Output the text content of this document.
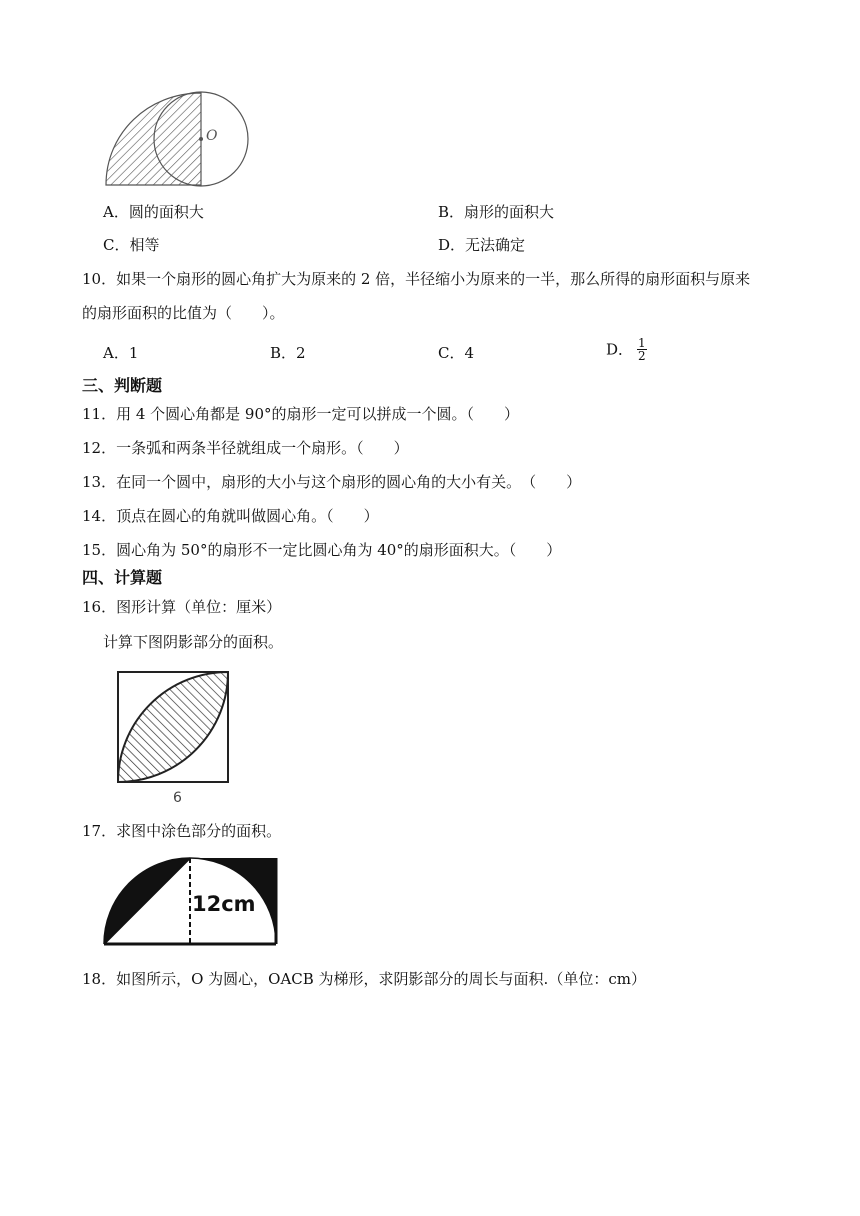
O
A．圆的面积大	B．扇形的面积大
C．相等	D．无法确定
10．如果一个扇形的圆心角扩大为原来的 2 倍，半径缩小为原来的一半，那么所得的扇形面积与原来
的扇形面积的比值为（　　）。
A．1	B．2	C．4	D． $\frac{1}{2}$
三、判断题
11．用 4 个圆心角都是 90°的扇形一定可以拼成一个圆。（　　）
12．一条弧和两条半径就组成一个扇形。（　　）
13．在同一个圆中，扇形的大小与这个扇形的圆心角的大小有关。　（　　）
14．顶点在圆心的角就叫做圆心角。（　　）
15．圆心角为 50°的扇形不一定比圆心角为 40°的扇形面积大。（　　）
四、计算题
16．图形计算（单位：厘米）
计算下图阴影部分的面积。
6
17．求图中涂色部分的面积。
12cm
18．如图所示，O 为圆心，OACB 为梯形，求阴影部分的周长与面积.（单位：cm）
